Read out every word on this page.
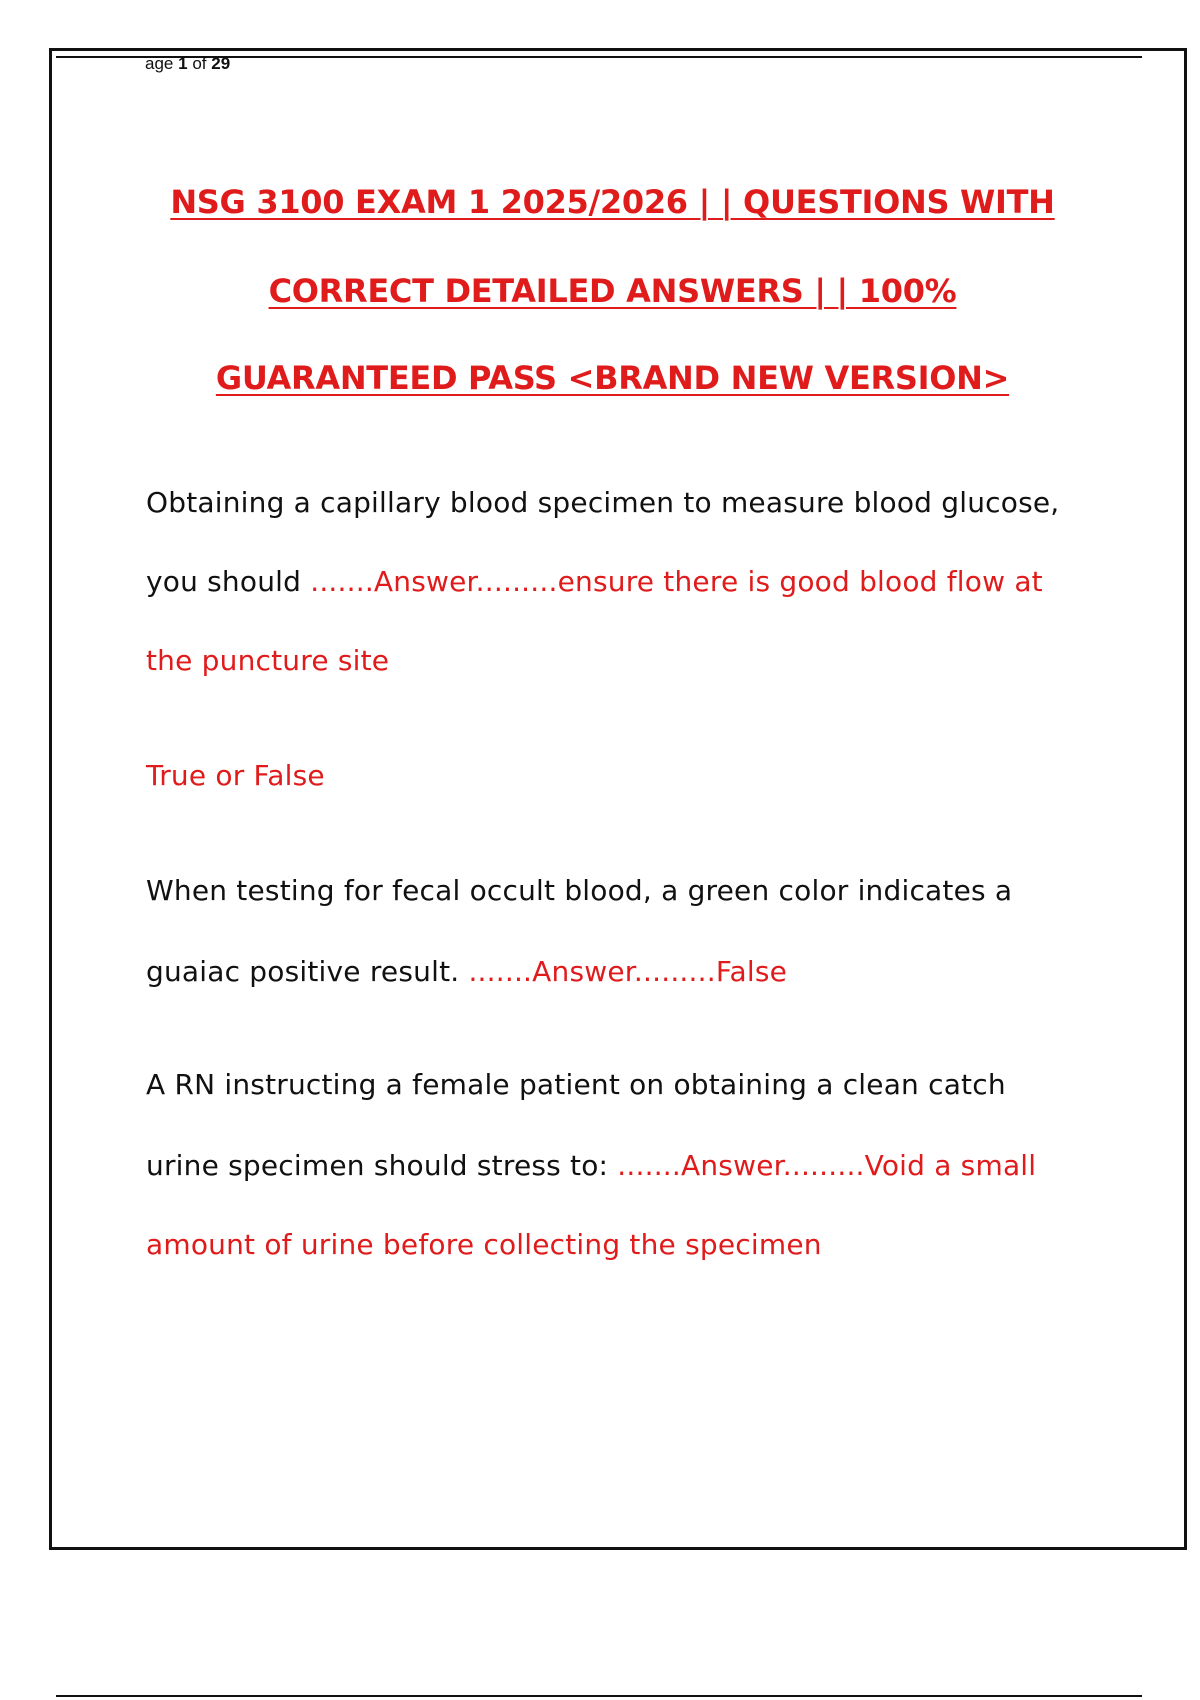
age 1 of 29
NSG 3100 EXAM 1 2025/2026 | | QUESTIONS WITH
CORRECT DETAILED ANSWERS | | 100%
GUARANTEED PASS <BRAND NEW VERSION>
Obtaining a capillary blood specimen to measure blood glucose,
you should .......Answer.........ensure there is good blood flow at
the puncture site
True or False
When testing for fecal occult blood, a green color indicates a
guaiac positive result. .......Answer.........False
A RN instructing a female patient on obtaining a clean catch
urine specimen should stress to: .......Answer.........Void a small
amount of urine before collecting the specimen
